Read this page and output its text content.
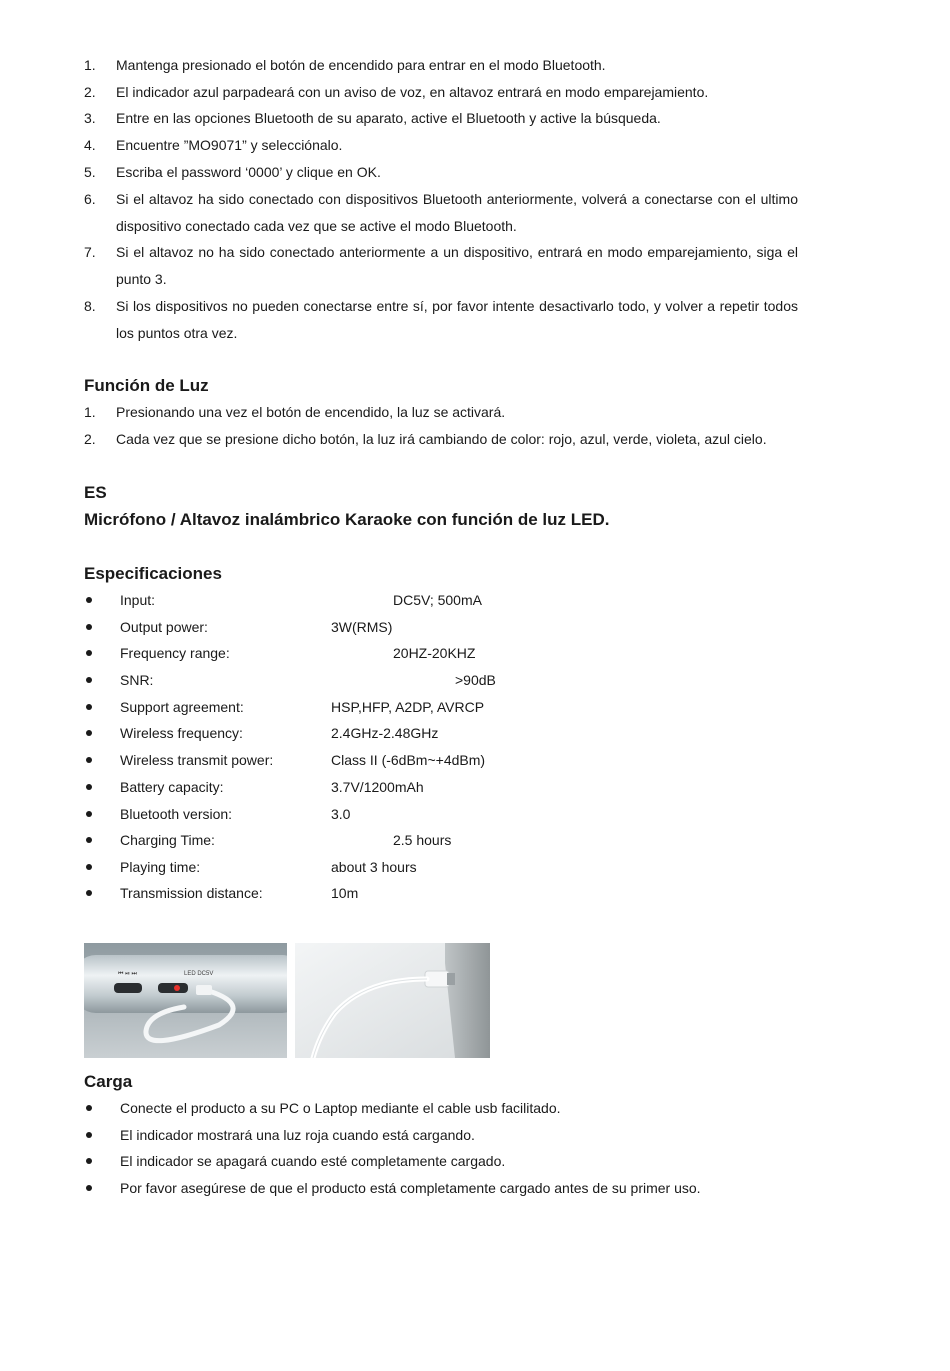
1.	Mantenga presionado el botón de encendido para entrar en el modo Bluetooth.
2.	El indicador azul parpadeará con un aviso de voz, en altavoz entrará en modo emparejamiento.
3.	Entre en las opciones Bluetooth de su aparato, active el Bluetooth y active la búsqueda.
4.	Encuentre ”MO9071” y selecciónalo.
5.	Escriba el password ‘0000’ y clique en OK.
6.	Si el altavoz ha sido conectado con dispositivos Bluetooth anteriormente, volverá a conectarse con el ultimo dispositivo conectado cada vez que se active el modo Bluetooth.
7.	Si el altavoz no ha sido conectado anteriormente a un dispositivo, entrará en modo emparejamiento, siga el punto 3.
8.	Si los dispositivos no pueden conectarse entre sí, por favor intente desactivarlo todo, y volver a repetir todos los puntos otra vez.
Función de Luz
1.	Presionando una vez el botón de encendido, la luz se activará.
2.	Cada vez que se presione dicho botón, la luz irá cambiando de color: rojo, azul, verde, violeta, azul cielo.
ES
Micrófono / Altavoz inalámbrico Karaoke con función de luz LED.
Especificaciones
Input:	DC5V; 500mA
Output power:	3W(RMS)
Frequency range:	20HZ-20KHZ
SNR:	>90dB
Support agreement:	HSP,HFP, A2DP, AVRCP
Wireless frequency:	2.4GHz-2.48GHz
Wireless transmit power:	Class II (-6dBm~+4dBm)
Battery capacity:	3.7V/1200mAh
Bluetooth version:	3.0
Charging Time:	2.5 hours
Playing time:	about 3 hours
Transmission distance:	10m
⏮ ⏯ ⏭	LED DC5V
Carga
Conecte el producto a su PC o Laptop mediante el cable usb facilitado.
El indicador mostrará una luz roja cuando está cargando.
El indicador se apagará cuando esté completamente cargado.
Por favor asegúrese de que el producto está completamente cargado antes de su primer uso.
